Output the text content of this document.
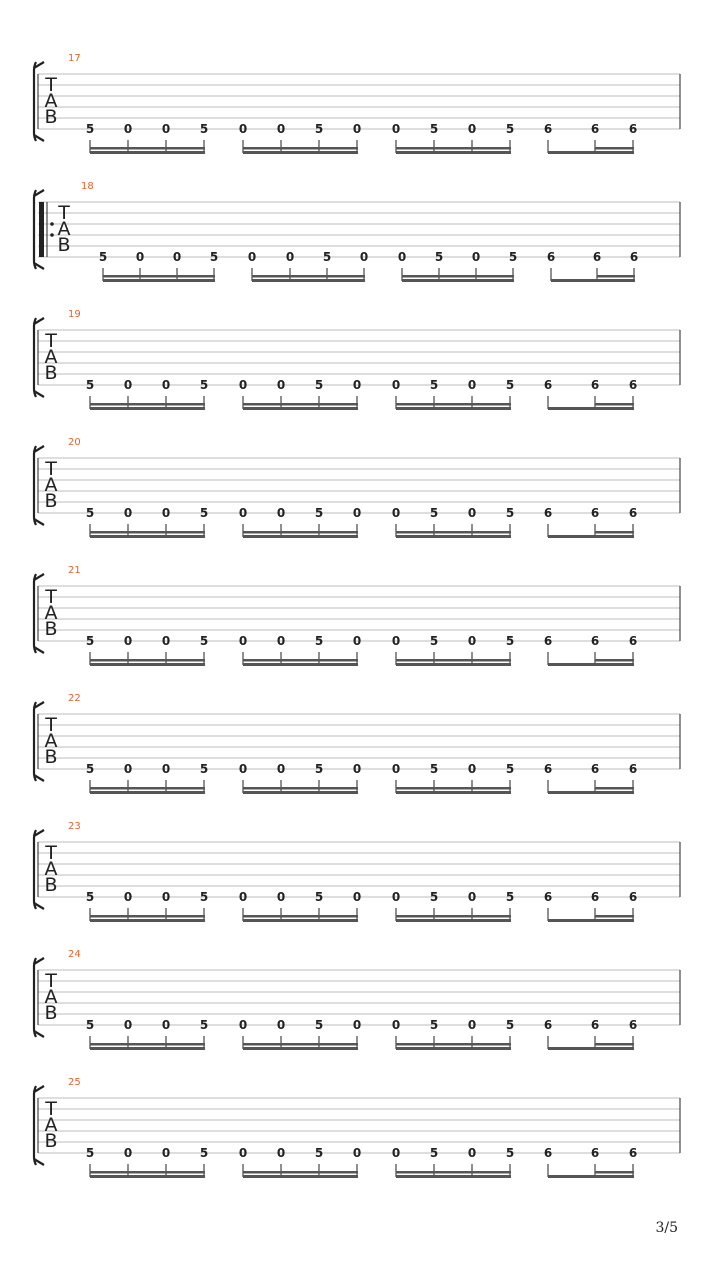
T
A
B
17
5 0 0 5	0 0 5 0	0 5 0 5 6	6 6
T
A
B
18
5 0 0 5 0 0 5 0 0 5 0 5 6	6 6
T
A
B
19
5 0 0 5	0 0 5 0	0 5 0 5 6	6 6
T
A
B
20
5 0 0 5	0 0 5 0	0 5 0 5 6	6 6
T
A
B
21
5 0 0 5	0 0 5 0	0 5 0 5 6	6 6
T
A
B
22
5 0 0 5	0 0 5 0	0 5 0 5 6	6 6
T
A
B
23
5 0 0 5	0 0 5 0	0 5 0 5 6	6 6
T
A
B
24
5 0 0 5	0 0 5 0	0 5 0 5 6	6 6
T
A
B
25
5 0 0 5	0 0 5 0	0 5 0 5 6	6 6
3/5
